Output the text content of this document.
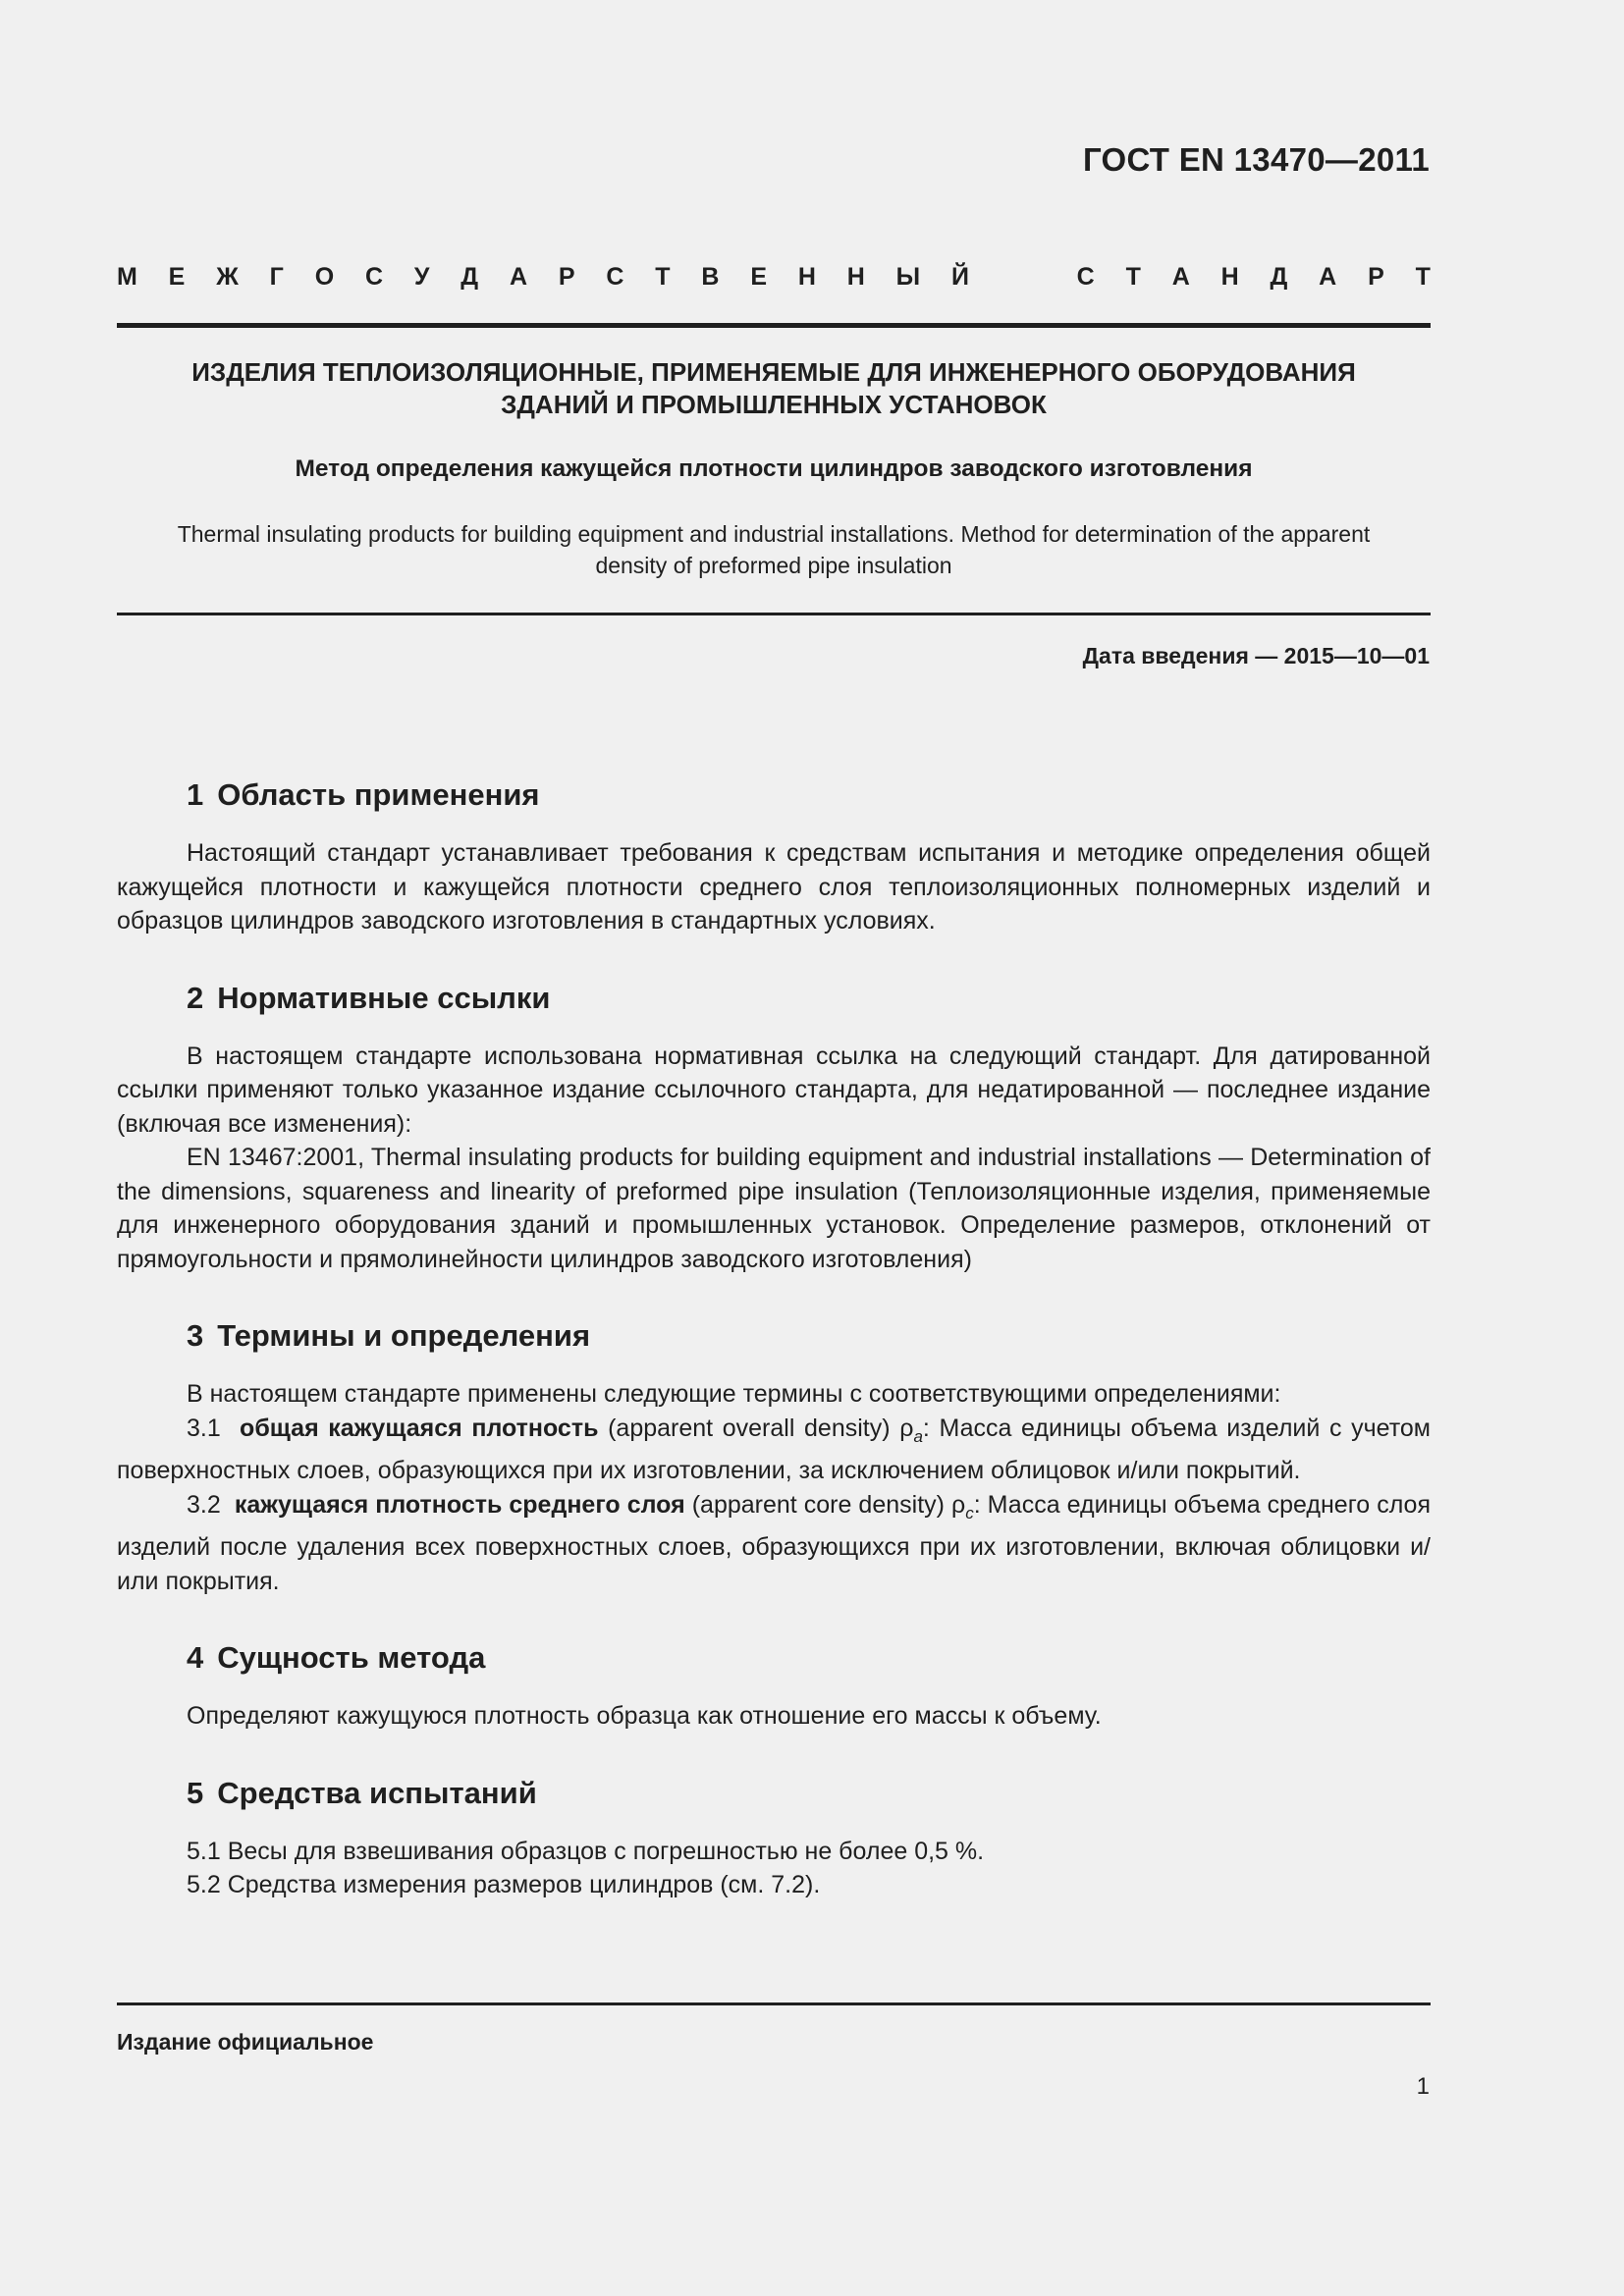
ГОСТ EN 13470—2011
М Е Ж Г О С У Д А Р С Т В Е Н Н Ы Й	С Т А Н Д А Р Т
ИЗДЕЛИЯ ТЕПЛОИЗОЛЯЦИОННЫЕ, ПРИМЕНЯЕМЫЕ ДЛЯ ИНЖЕНЕРНОГО ОБОРУДОВАНИЯ
ЗДАНИЙ И ПРОМЫШЛЕННЫХ УСТАНОВОК
Метод определения кажущейся плотности цилиндров заводского изготовления
Thermal insulating products for building equipment and industrial installations. Method for determination of the apparent
density of preformed pipe insulation
Дата введения — 2015—10—01
1 Область применения

Настоящий стандарт устанавливает требования к средствам испытания и методике определения общей кажущейся плотности и кажущейся плотности среднего слоя теплоизоляционных полномерных изделий и образцов цилиндров заводского изготовления в стандартных условиях.

2 Нормативные ссылки

В настоящем стандарте использована нормативная ссылка на следующий стандарт. Для датированной ссылки применяют только указанное издание ссылочного стандарта, для недатированной — последнее издание (включая все изменения):

EN 13467:2001, Thermal insulating products for building equipment and industrial installations — Determination of the dimensions, squareness and linearity of preformed pipe insulation (Теплоизоляционные изделия, применяемые для инженерного оборудования зданий и промышленных установок. Определение размеров, отклонений от прямоугольности и прямолинейности цилиндров заводского изготовления)

3 Термины и определения

В настоящем стандарте применены следующие термины с соответствующими определениями:

3.1 общая кажущаяся плотность (apparent overall density) $\rho_a$: Масса единицы объема изделий с учетом поверхностных слоев, образующихся при их изготовлении, за исключением облицовок и/или покрытий.

3.2 кажущаяся плотность среднего слоя (apparent core density) $\rho_c$: Масса единицы объема среднего слоя изделий после удаления всех поверхностных слоев, образующихся при их изготовлении, включая облицовки и/или покрытия.

4 Сущность метода

Определяют кажущуюся плотность образца как отношение его массы к объему.

5 Средства испытаний

5.1 Весы для взвешивания образцов с погрешностью не более 0,5 %.

5.2 Средства измерения размеров цилиндров (см. 7.2).

Издание официальное
1
